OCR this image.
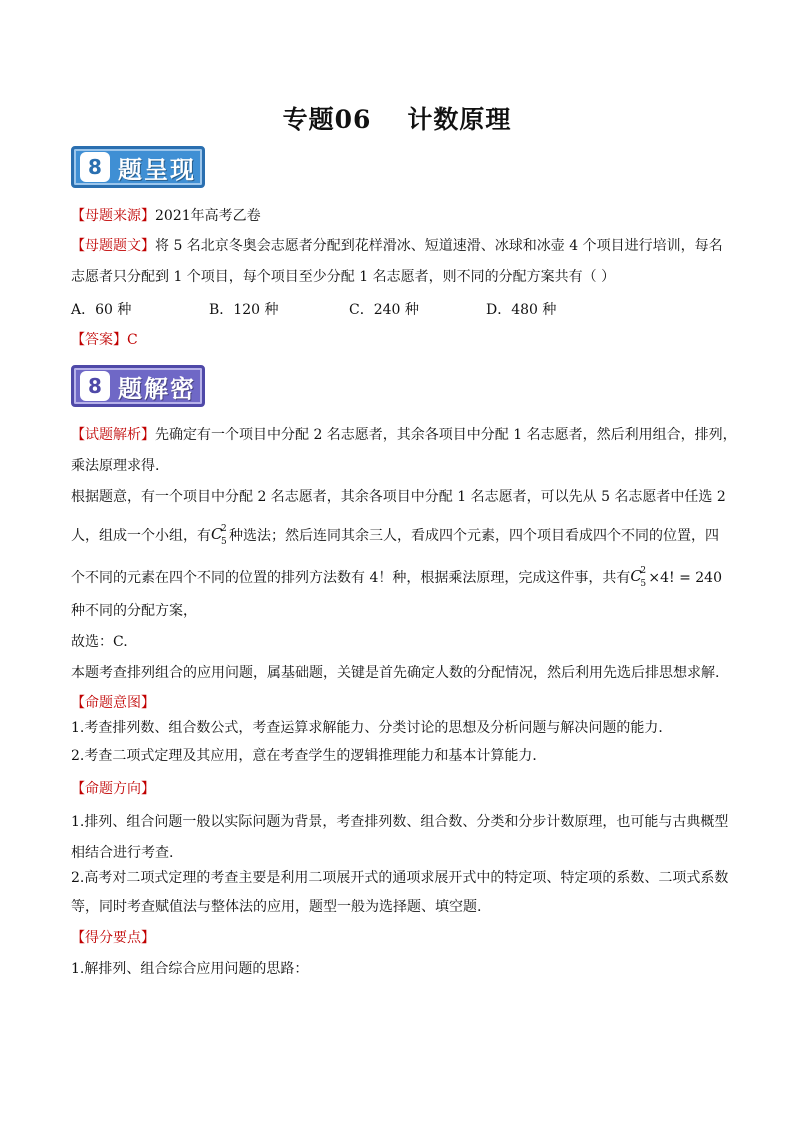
专题06 计数原理
8 题呈现
【母题来源】2021年高考乙卷
【母题题文】将 5 名北京冬奥会志愿者分配到花样滑冰、短道速滑、冰球和冰壶 4 个项目进行培训，每名
志愿者只分配到 1 个项目，每个项目至少分配 1 名志愿者，则不同的分配方案共有（ ）
A．60 种	B．120 种	C．240 种	D．480 种
【答案】C
8 题解密
【试题解析】先确定有一个项目中分配 2 名志愿者，其余各项目中分配 1 名志愿者，然后利用组合，排列，
乘法原理求得.
根据题意，有一个项目中分配 2 名志愿者，其余各项目中分配 1 名志愿者，可以先从 5 名志愿者中任选 2
人，组成一个小组，有 C
2
5 种选法；然后连同其余三人，看成四个元素，四个项目看成四个不同的位置，四
个不同的元素在四个不同的位置的排列方法数有 4！种，根据乘法原理，完成这件事，共有 C
2
5 ×4! = 240
种不同的分配方案，
故选：C.
本题考查排列组合的应用问题，属基础题，关键是首先确定人数的分配情况，然后利用先选后排思想求解.
【命题意图】
1.考查排列数、组合数公式，考查运算求解能力、分类讨论的思想及分析问题与解决问题的能力．
2.考查二项式定理及其应用，意在考查学生的逻辑推理能力和基本计算能力．
【命题方向】
1.排列、组合问题一般以实际问题为背景，考查排列数、组合数、分类和分步计数原理，也可能与古典概型
相结合进行考查.
2.高考对二项式定理的考查主要是利用二项展开式的通项求展开式中的特定项、特定项的系数、二项式系数
等，同时考查赋值法与整体法的应用，题型一般为选择题、填空题.
【得分要点】
1.解排列、组合综合应用问题的思路：
